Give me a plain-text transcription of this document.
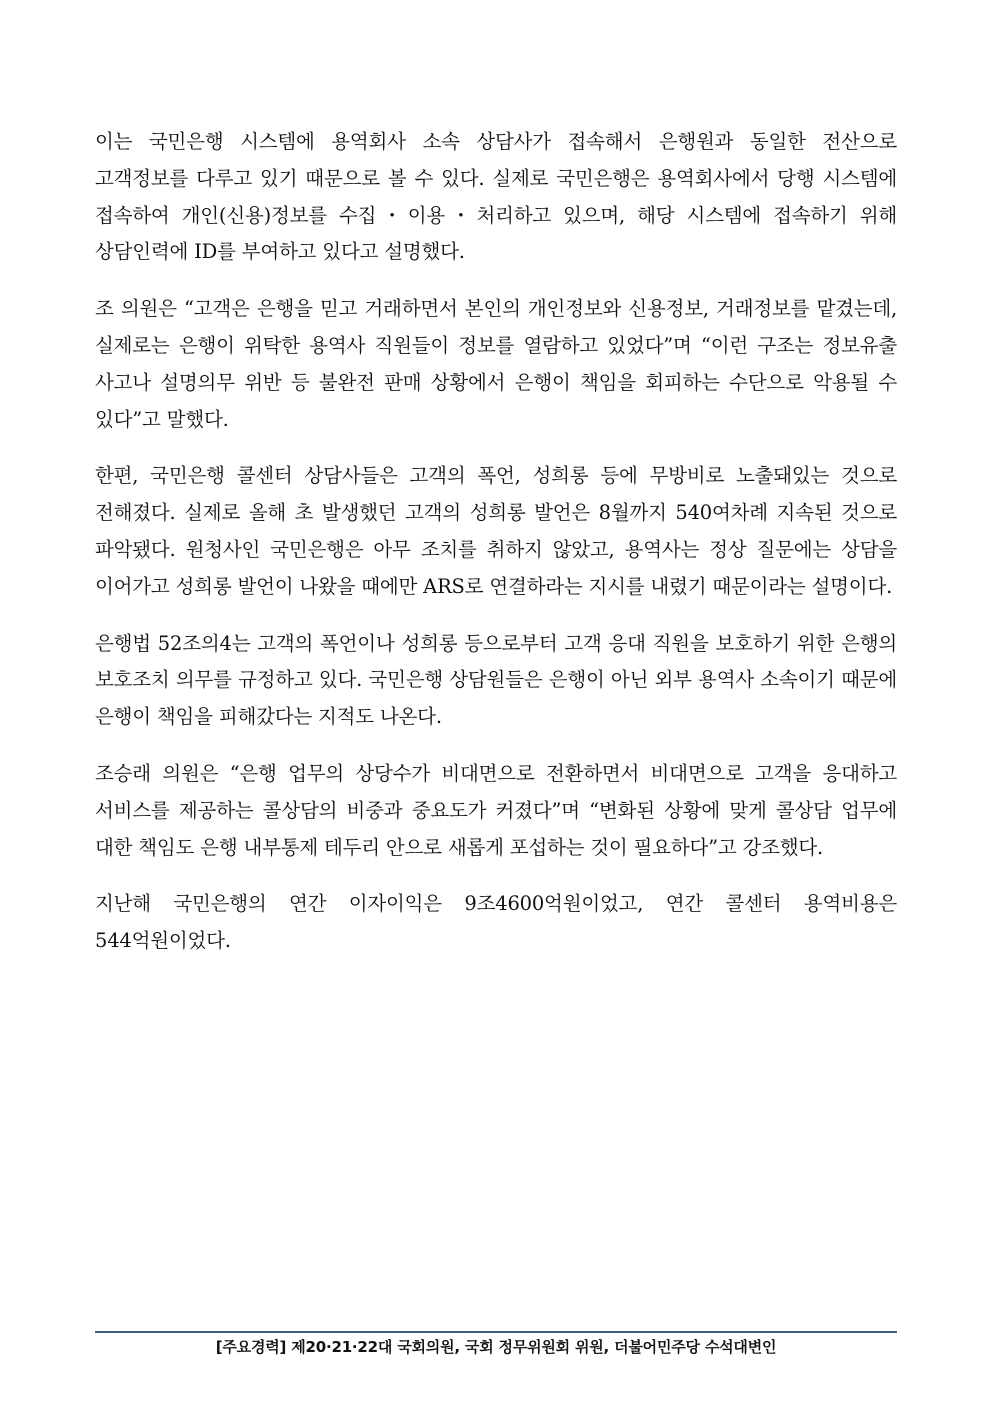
이는 국민은행 시스템에 용역회사 소속 상담사가 접속해서 은행원과 동일한 전산으로 고객정보를 다루고 있기 때문으로 볼 수 있다. 실제로 국민은행은 용역회사에서 당행 시스템에 접속하여 개인(신용)정보를 수집・이용・처리하고 있으며, 해당 시스템에 접속하기 위해 상담인력에 ID를 부여하고 있다고 설명했다.

조 의원은 “고객은 은행을 믿고 거래하면서 본인의 개인정보와 신용정보, 거래정보를 맡겼는데, 실제로는 은행이 위탁한 용역사 직원들이 정보를 열람하고 있었다”며 “이런 구조는 정보유출 사고나 설명의무 위반 등 불완전 판매 상황에서 은행이 책임을 회피하는 수단으로 악용될 수 있다”고 말했다.

한편, 국민은행 콜센터 상담사들은 고객의 폭언, 성희롱 등에 무방비로 노출돼있는 것으로 전해졌다. 실제로 올해 초 발생했던 고객의 성희롱 발언은 8월까지 540여차례 지속된 것으로 파악됐다. 원청사인 국민은행은 아무 조치를 취하지 않았고, 용역사는 정상 질문에는 상담을 이어가고 성희롱 발언이 나왔을 때에만 ARS로 연결하라는 지시를 내렸기 때문이라는 설명이다.

은행법 52조의4는 고객의 폭언이나 성희롱 등으로부터 고객 응대 직원을 보호하기 위한 은행의 보호조치 의무를 규정하고 있다. 국민은행 상담원들은 은행이 아닌 외부 용역사 소속이기 때문에 은행이 책임을 피해갔다는 지적도 나온다.

조승래 의원은 “은행 업무의 상당수가 비대면으로 전환하면서 비대면으로 고객을 응대하고 서비스를 제공하는 콜상담의 비중과 중요도가 커졌다”며 “변화된 상황에 맞게 콜상담 업무에 대한 책임도 은행 내부통제 테두리 안으로 새롭게 포섭하는 것이 필요하다”고 강조했다.

지난해 국민은행의 연간 이자이익은 9조4600억원이었고, 연간 콜센터 용역비용은 544억원이었다.

[주요경력] 제20·21·22대 국회의원, 국회 정무위원회 위원, 더불어민주당 수석대변인
